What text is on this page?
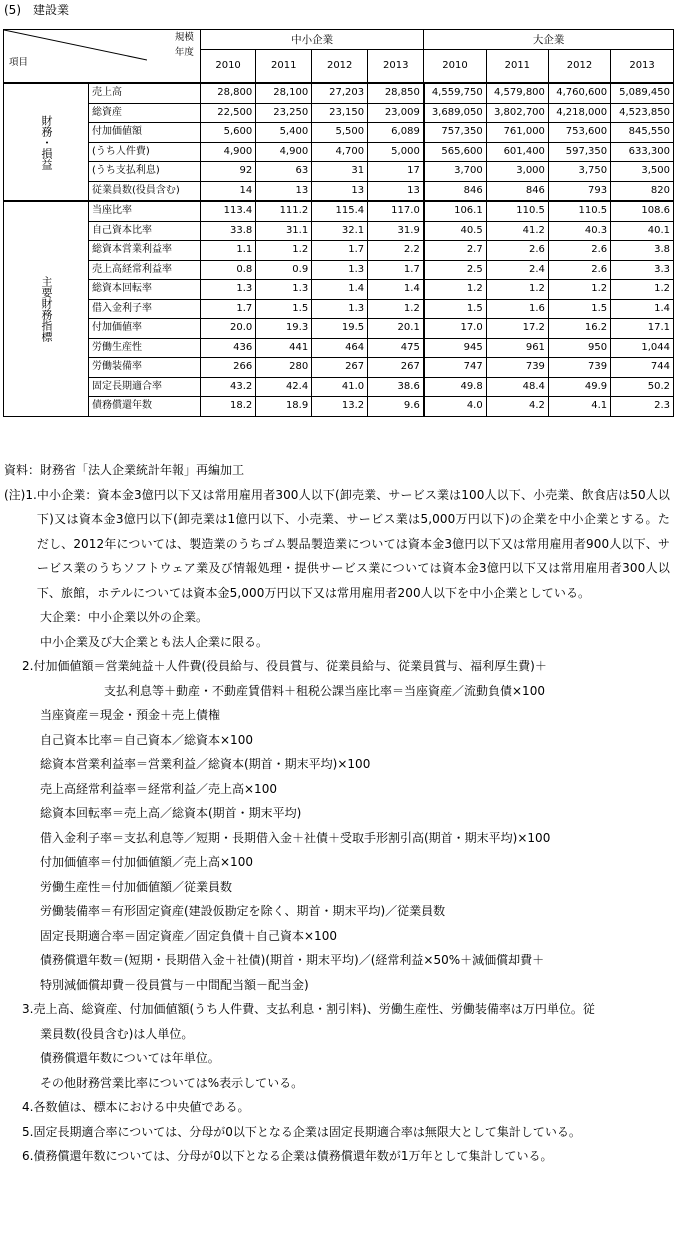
(5)　建設業
規模
年度
項目		中小企業				大企業			
		2010	2011	2012	2013	2010	2011	2012	2013
財務・損益	売上高	28,800	28,100	27,203	28,850	4,559,750	4,579,800	4,760,600	5,089,450
	総資産	22,500	23,250	23,150	23,009	3,689,050	3,802,700	4,218,000	4,523,850
	付加価値額	5,600	5,400	5,500	6,089	757,350	761,000	753,600	845,550
	(うち人件費)	4,900	4,900	4,700	5,000	565,600	601,400	597,350	633,300
	(うち支払利息)	92	63	31	17	3,700	3,000	3,750	3,500
	従業員数(役員含む)	14	13	13	13	846	846	793	820
主要財務指標	当座比率	113.4	111.2	115.4	117.0	106.1	110.5	110.5	108.6
	自己資本比率	33.8	31.1	32.1	31.9	40.5	41.2	40.3	40.1
	総資本営業利益率	1.1	1.2	1.7	2.2	2.7	2.6	2.6	3.8
	売上高経常利益率	0.8	0.9	1.3	1.7	2.5	2.4	2.6	3.3
	総資本回転率	1.3	1.3	1.4	1.4	1.2	1.2	1.2	1.2
	借入金利子率	1.7	1.5	1.3	1.2	1.5	1.6	1.5	1.4
	付加価値率	20.0	19.3	19.5	20.1	17.0	17.2	16.2	17.1
	労働生産性	436	441	464	475	945	961	950	1,044
	労働装備率	266	280	267	267	747	739	739	744
	固定長期適合率	43.2	42.4	41.0	38.6	49.8	48.4	49.9	50.2
	債務償還年数	18.2	18.9	13.2	9.6	4.0	4.2	4.1	2.3

資料：財務省「法人企業統計年報」再編加工

(注)1. 中小企業：資本金3億円以下又は常用雇用者300人以下(卸売業、サービス業は100人以下、小売業、飲食店は50人以下)又は資本金3億円以下(卸売業は1億円以下、小売業、サービス業は5,000万円以下)の企業を中小企業とする。ただし、2012年については、製造業のうちゴム製品製造業については資本金3億円以下又は常用雇用者900人以下、サービス業のうちソフトウェア業及び情報処理・提供サービス業については資本金3億円以下又は常用雇用者300人以下、旅館，ホテルについては資本金5,000万円以下又は常用雇用者200人以下を中小企業としている。

大企業：中小企業以外の企業。

中小企業及び大企業とも法人企業に限る。

2.付加価値額＝営業純益＋人件費(役員給与、役員賞与、従業員給与、従業員賞与、福利厚生費)＋

支払利息等＋動産・不動産賃借料＋租税公課当座比率＝当座資産／流動負債×100

当座資産＝現金・預金＋売上債権

自己資本比率＝自己資本／総資本×100

総資本営業利益率＝営業利益／総資本(期首・期末平均)×100

売上高経常利益率＝経常利益／売上高×100

総資本回転率＝売上高／総資本(期首・期末平均)

借入金利子率＝支払利息等／短期・長期借入金＋社債＋受取手形割引高(期首・期末平均)×100

付加価値率＝付加価値額／売上高×100

労働生産性＝付加価値額／従業員数

労働装備率＝有形固定資産(建設仮勘定を除く、期首・期末平均)／従業員数

固定長期適合率＝固定資産／固定負債＋自己資本×100

債務償還年数＝(短期・長期借入金＋社債)(期首・期末平均)／(経常利益×50%＋減価償却費＋

特別減価償却費－役員賞与－中間配当額－配当金)

3.売上高、総資産、付加価値額(うち人件費、支払利息・割引料)、労働生産性、労働装備率は万円単位。従

業員数(役員含む)は人単位。

債務償還年数については年単位。

その他財務営業比率については%表示している。

4.各数値は、標本における中央値である。

5.固定長期適合率については、分母が0以下となる企業は固定長期適合率は無限大として集計している。

6.債務償還年数については、分母が0以下となる企業は債務償還年数が1万年として集計している。
